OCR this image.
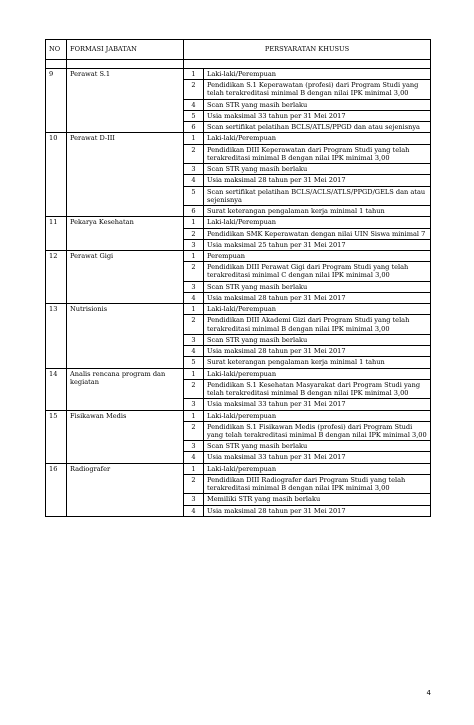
NO	FORMASI JABATAN	PERSYARATAN KHUSUS	

9	Perawat S.1	1	Laki-laki/Perempuan
		2	Pendidikan S.1 Keperawatan (profesi) dari Program Studi yang telah terakreditasi minimal B dengan nilai IPK minimal 3,00
		4	Scan STR yang masih berlaku
		5	Usia maksimal 33 tahun per 31 Mei 2017
		6	Scan sertifikat pelatihan BCLS/ATLS/PPGD dan atau sejenisnya
10	Perawat D-III	1	Laki-laki/Perempuan
		2	Pendidikan DIII Keperawatan dari Program Studi yang telah terakreditasi minimal B dengan nilai IPK minimal 3,00
		3	Scan STR yang masih berlaku
		4	Usia maksimal 28 tahun per 31 Mei 2017
		5	Scan sertifikat pelatihan BCLS/ACLS/ATLS/PPGD/GELS dan atau sejenisnya
		6	Surat keterangan pengalaman kerja minimal 1 tahun
11	Pekarya Kesehatan	1	Laki-laki/Perempuan
		2	Pendidikan SMK Keperawatan dengan nilai UIN Siswa minimal 7
		3	Usia maksimal 25 tahun per 31 Mei 2017
12	Perawat Gigi	1	Perempuan
		2	Pendidikan DIII Perawat Gigi dari Program Studi yang telah terakreditasi minimal C dengan nilai IPK minimal 3,00
		3	Scan STR yang masih berlaku
		4	Usia maksimal 28 tahun per 31 Mei 2017
13	Nutrisionis	1	Laki-laki/Perempuan
		2	Pendidikan DIII Akademi Gizi dari Program Studi yang telah terakreditasi minimal B dengan nilai IPK minimal 3,00
		3	Scan STR yang masih berlaku
		4	Usia maksimal 28 tahun per 31 Mei 2017
		5	Surat keterangan pengalaman kerja minimal 1 tahun
14	Analis rencana program dan kegiatan	1	Laki-laki/perempuan
		2	Pendidikan S.1 Kesehatan Masyarakat dari Program Studi yang telah terakreditasi minimal B dengan nilai IPK minimal 3,00
		3	Usia maksimal 33 tahun per 31 Mei 2017
15	Fisikawan Medis	1	Laki-laki/perempuan
		2	Pendidikan S.1 Fisikawan Medis (profesi) dari Program Studi yang telah terakreditasi minimal B dengan nilai IPK minimal 3,00
		3	Scan STR yang masih berlaku
		4	Usia maksimal 33 tahun per 31 Mei 2017
16	Radiografer	1	Laki-laki/perempuan
		2	Pendidikan DIII Radiografer dari Program Studi yang telah terakreditasi minimal B dengan nilai IPK minimal 3,00
		3	Memiliki STR yang masih berlaku
		4	Usia maksimal 28 tahun per 31 Mei 2017
4
